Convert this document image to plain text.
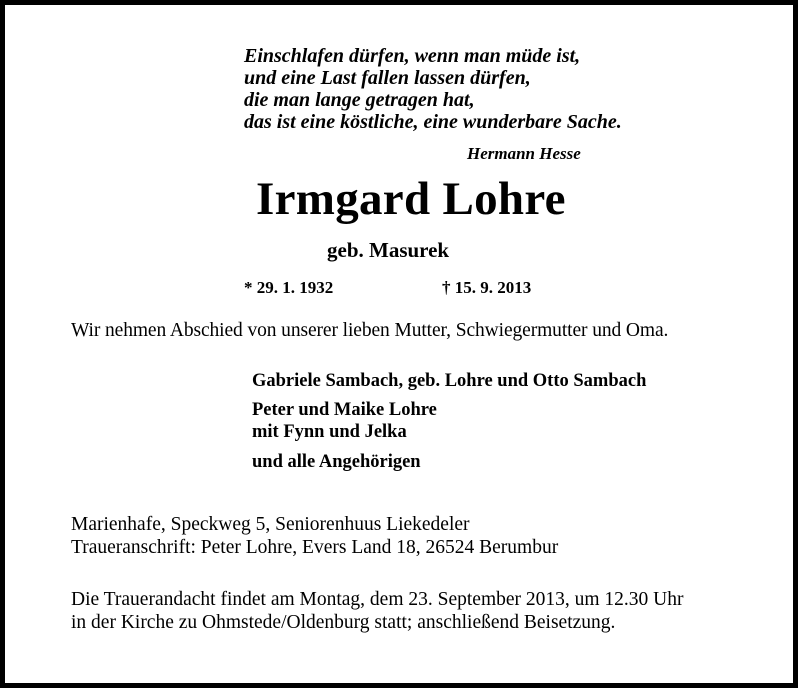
Einschlafen dürfen, wenn man müde ist,
und eine Last fallen lassen dürfen,
die man lange getragen hat,
das ist eine köstliche, eine wunderbare Sache.
Hermann Hesse
Irmgard Lohre
geb. Masurek
* 29. 1. 1932	† 15. 9. 2013
Wir nehmen Abschied von unserer lieben Mutter, Schwiegermutter und Oma.
Gabriele Sambach, geb. Lohre und Otto Sambach
Peter und Maike Lohre
mit Fynn und Jelka
und alle Angehörigen
Marienhafe, Speckweg 5, Seniorenhuus Liekedeler
Traueranschrift: Peter Lohre, Evers Land 18, 26524 Berumbur
Die Trauerandacht findet am Montag, dem 23. September 2013, um 12.30 Uhr
in der Kirche zu Ohmstede/Oldenburg statt; anschließend Beisetzung.
